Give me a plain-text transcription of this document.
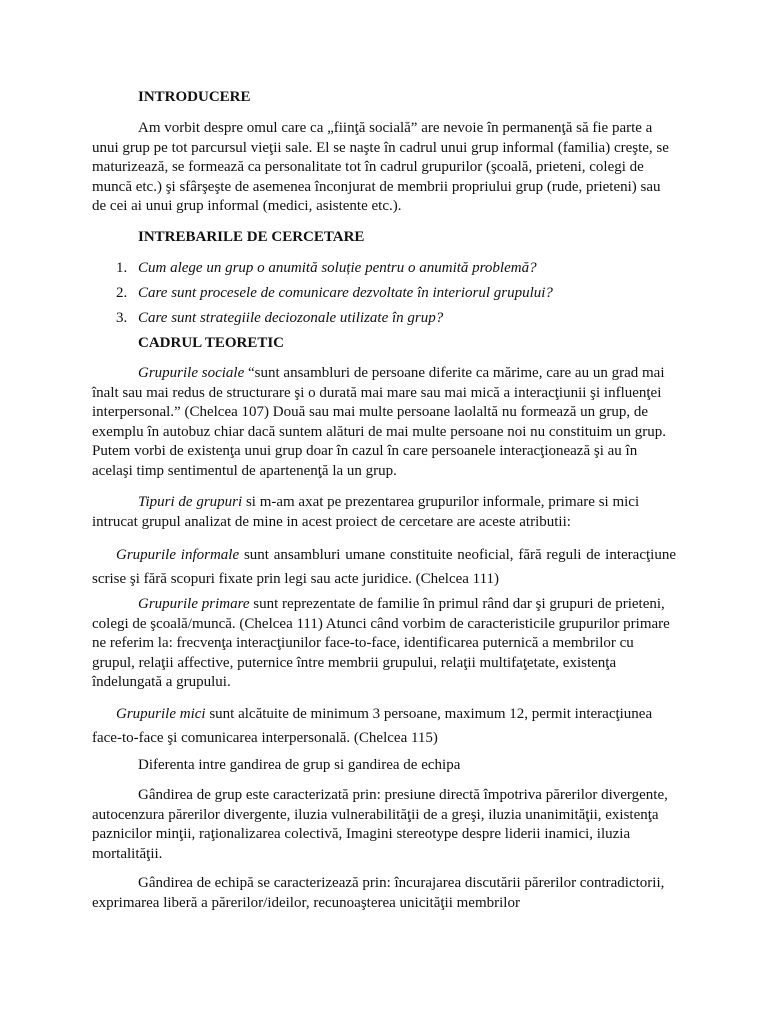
INTRODUCERE

Am vorbit despre omul care ca „fiinţă socială” are nevoie în permanenţă să fie parte a unui grup pe tot parcursul vieţii sale. El se naşte în cadrul unui grup informal (familia) creşte, se maturizează, se formează ca personalitate tot în cadrul grupurilor (şcoală, prieteni, colegi de muncă etc.) şi sfârşeşte de asemenea înconjurat de membrii propriului grup (rude, prieteni) sau de cei ai unui grup informal (medici, asistente etc.).

INTREBARILE DE CERCETARE

1. Cum alege un grup o anumită soluție pentru o anumită problemă?
2. Care sunt procesele de comunicare dezvoltate în interiorul grupului?
3. Care sunt strategiile deciozonale utilizate în grup?

CADRUL TEORETIC

Grupurile sociale “sunt ansambluri de persoane diferite ca mărime, care au un grad mai înalt sau mai redus de structurare şi o durată mai mare sau mai mică a interacţiunii şi influenţei interpersonal.” (Chelcea 107) Două sau mai multe persoane laolaltă nu formează un grup, de exemplu în autobuz chiar dacă suntem alături de mai multe persoane noi nu constituim un grup. Putem vorbi de existenţa unui grup doar în cazul în care persoanele interacţionează şi au în acelaşi timp sentimentul de apartenenţă la un grup.

Tipuri de grupuri si m-am axat pe prezentarea grupurilor informale, primare si mici intrucat grupul analizat de mine in acest proiect de cercetare are aceste atributii:

Grupurile informale sunt ansambluri umane constituite neoficial, fără reguli de interacţiune scrise şi fără scopuri fixate prin legi sau acte juridice. (Chelcea 111)

Grupurile primare sunt reprezentate de familie în primul rând dar şi grupuri de prieteni, colegi de şcoală/muncă. (Chelcea 111) Atunci când vorbim de caracteristicile grupurilor primare ne referim la: frecvenţa interacţiunilor face-to-face, identificarea puternică a membrilor cu grupul, relaţii affective, puternice între membrii grupului, relaţii multifaţetate, existenţa îndelungată a grupului.

Grupurile mici sunt alcătuite de minimum 3 persoane, maximum 12, permit interacţiunea face-to-face şi comunicarea interpersonală. (Chelcea 115)

Diferenta intre gandirea de grup si gandirea de echipa

Gândirea de grup este caracterizată prin: presiune directă împotriva părerilor divergente, autocenzura părerilor divergente, iluzia vulnerabilităţii de a greşi, iluzia unanimităţii, existenţa paznicilor minţii, raţionalizarea colectivă, Imagini stereotype despre liderii inamici, iluzia mortalităţii.

Gândirea de echipă se caracterizează prin: încurajarea discutării părerilor contradictorii, exprimarea liberă a părerilor/ideilor, recunoaşterea unicităţii membrilor
